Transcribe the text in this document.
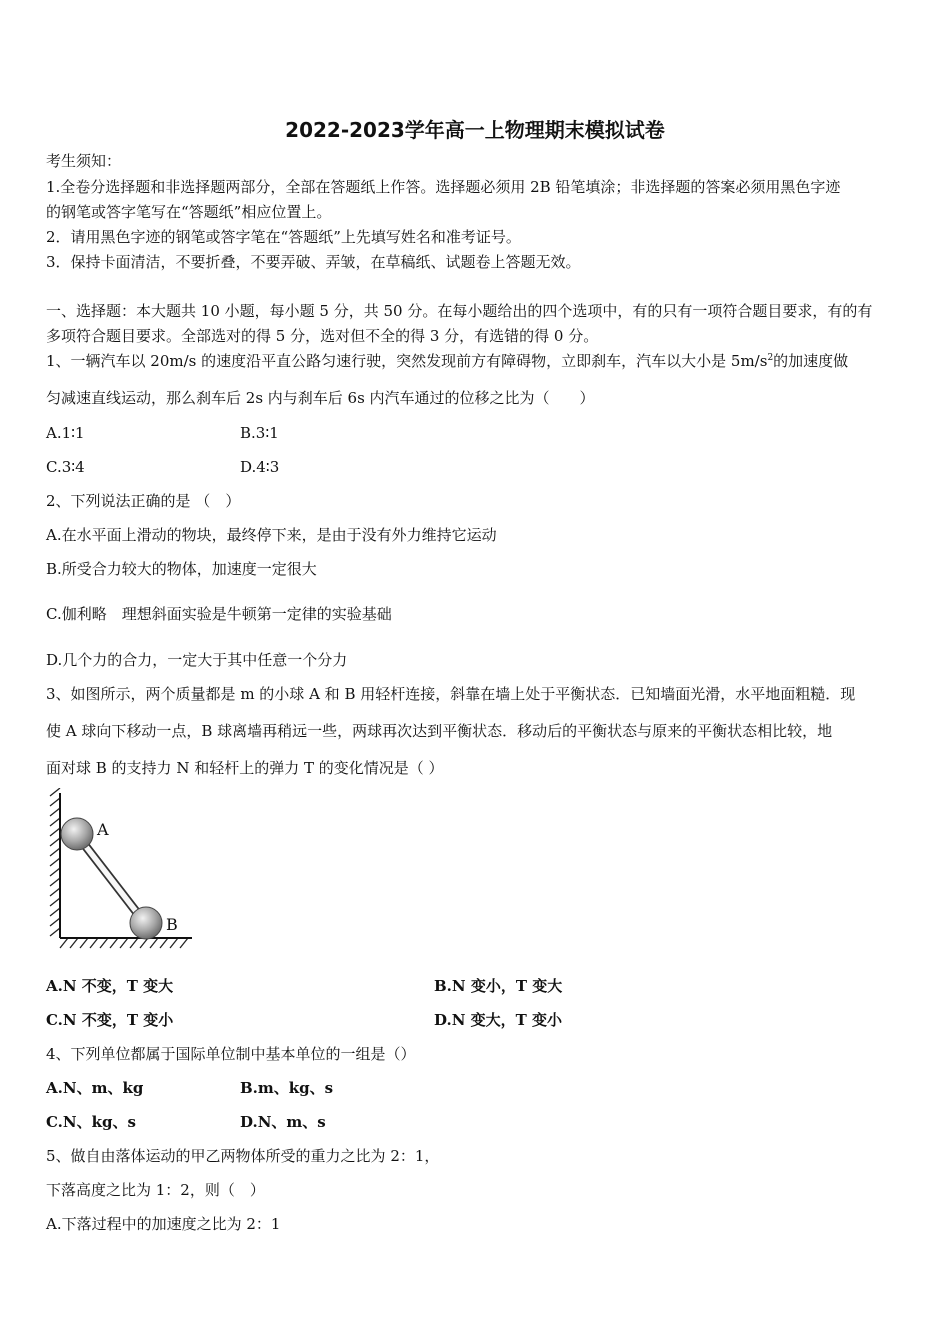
2022-2023学年高一上物理期末模拟试卷
考生须知：
1.全卷分选择题和非选择题两部分，全部在答题纸上作答。选择题必须用 2B 铅笔填涂；非选择题的答案必须用黑色字迹
的钢笔或答字笔写在“答题纸”相应位置上。
2．请用黑色字迹的钢笔或答字笔在“答题纸”上先填写姓名和准考证号。
3．保持卡面清洁，不要折叠，不要弄破、弄皱，在草稿纸、试题卷上答题无效。
一、选择题：本大题共 10 小题，每小题 5 分，共 50 分。在每小题给出的四个选项中，有的只有一项符合题目要求，有的有
多项符合题目要求。全部选对的得 5 分，选对但不全的得 3 分，有选错的得 0 分。
1、一辆汽车以 20m/s 的速度沿平直公路匀速行驶，突然发现前方有障碍物，立即刹车，汽车以大小是 $5m/s^2$的加速度做
匀减速直线运动，那么刹车后 2s 内与刹车后 6s 内汽车通过的位移之比为（　　）
A.1∶1	B.3∶1
C.3∶4	D.4∶3
2、下列说法正确的是 （　）
A.在水平面上滑动的物块，最终停下来，是由于没有外力维持它运动
B.所受合力较大的物体，加速度一定很大
C.伽利略　理想斜面实验是牛顿第一定律的实验基础
D.几个力的合力，一定大于其中任意一个分力
3、如图所示，两个质量都是 m 的小球 A 和 B 用轻杆连接，斜靠在墙上处于平衡状态．已知墙面光滑，水平地面粗糙．现
使 A 球向下移动一点，B 球离墙再稍远一些，两球再次达到平衡状态．移动后的平衡状态与原来的平衡状态相比较，地
面对球 B 的支持力 N 和轻杆上的弹力 T 的变化情况是（ ）
A
B
A.N 不变，T 变大	B.N 变小，T 变大
C.N 不变，T 变小	D.N 变大，T 变小
4、下列单位都属于国际单位制中基本单位的一组是（）
A.N、m、kg	B.m、kg、s
C.N、kg、s	D.N、m、s
5、做自由落体运动的甲乙两物体所受的重力之比为 2：1，
下落高度之比为 1：2，则（　）
A.下落过程中的加速度之比为 2：1
